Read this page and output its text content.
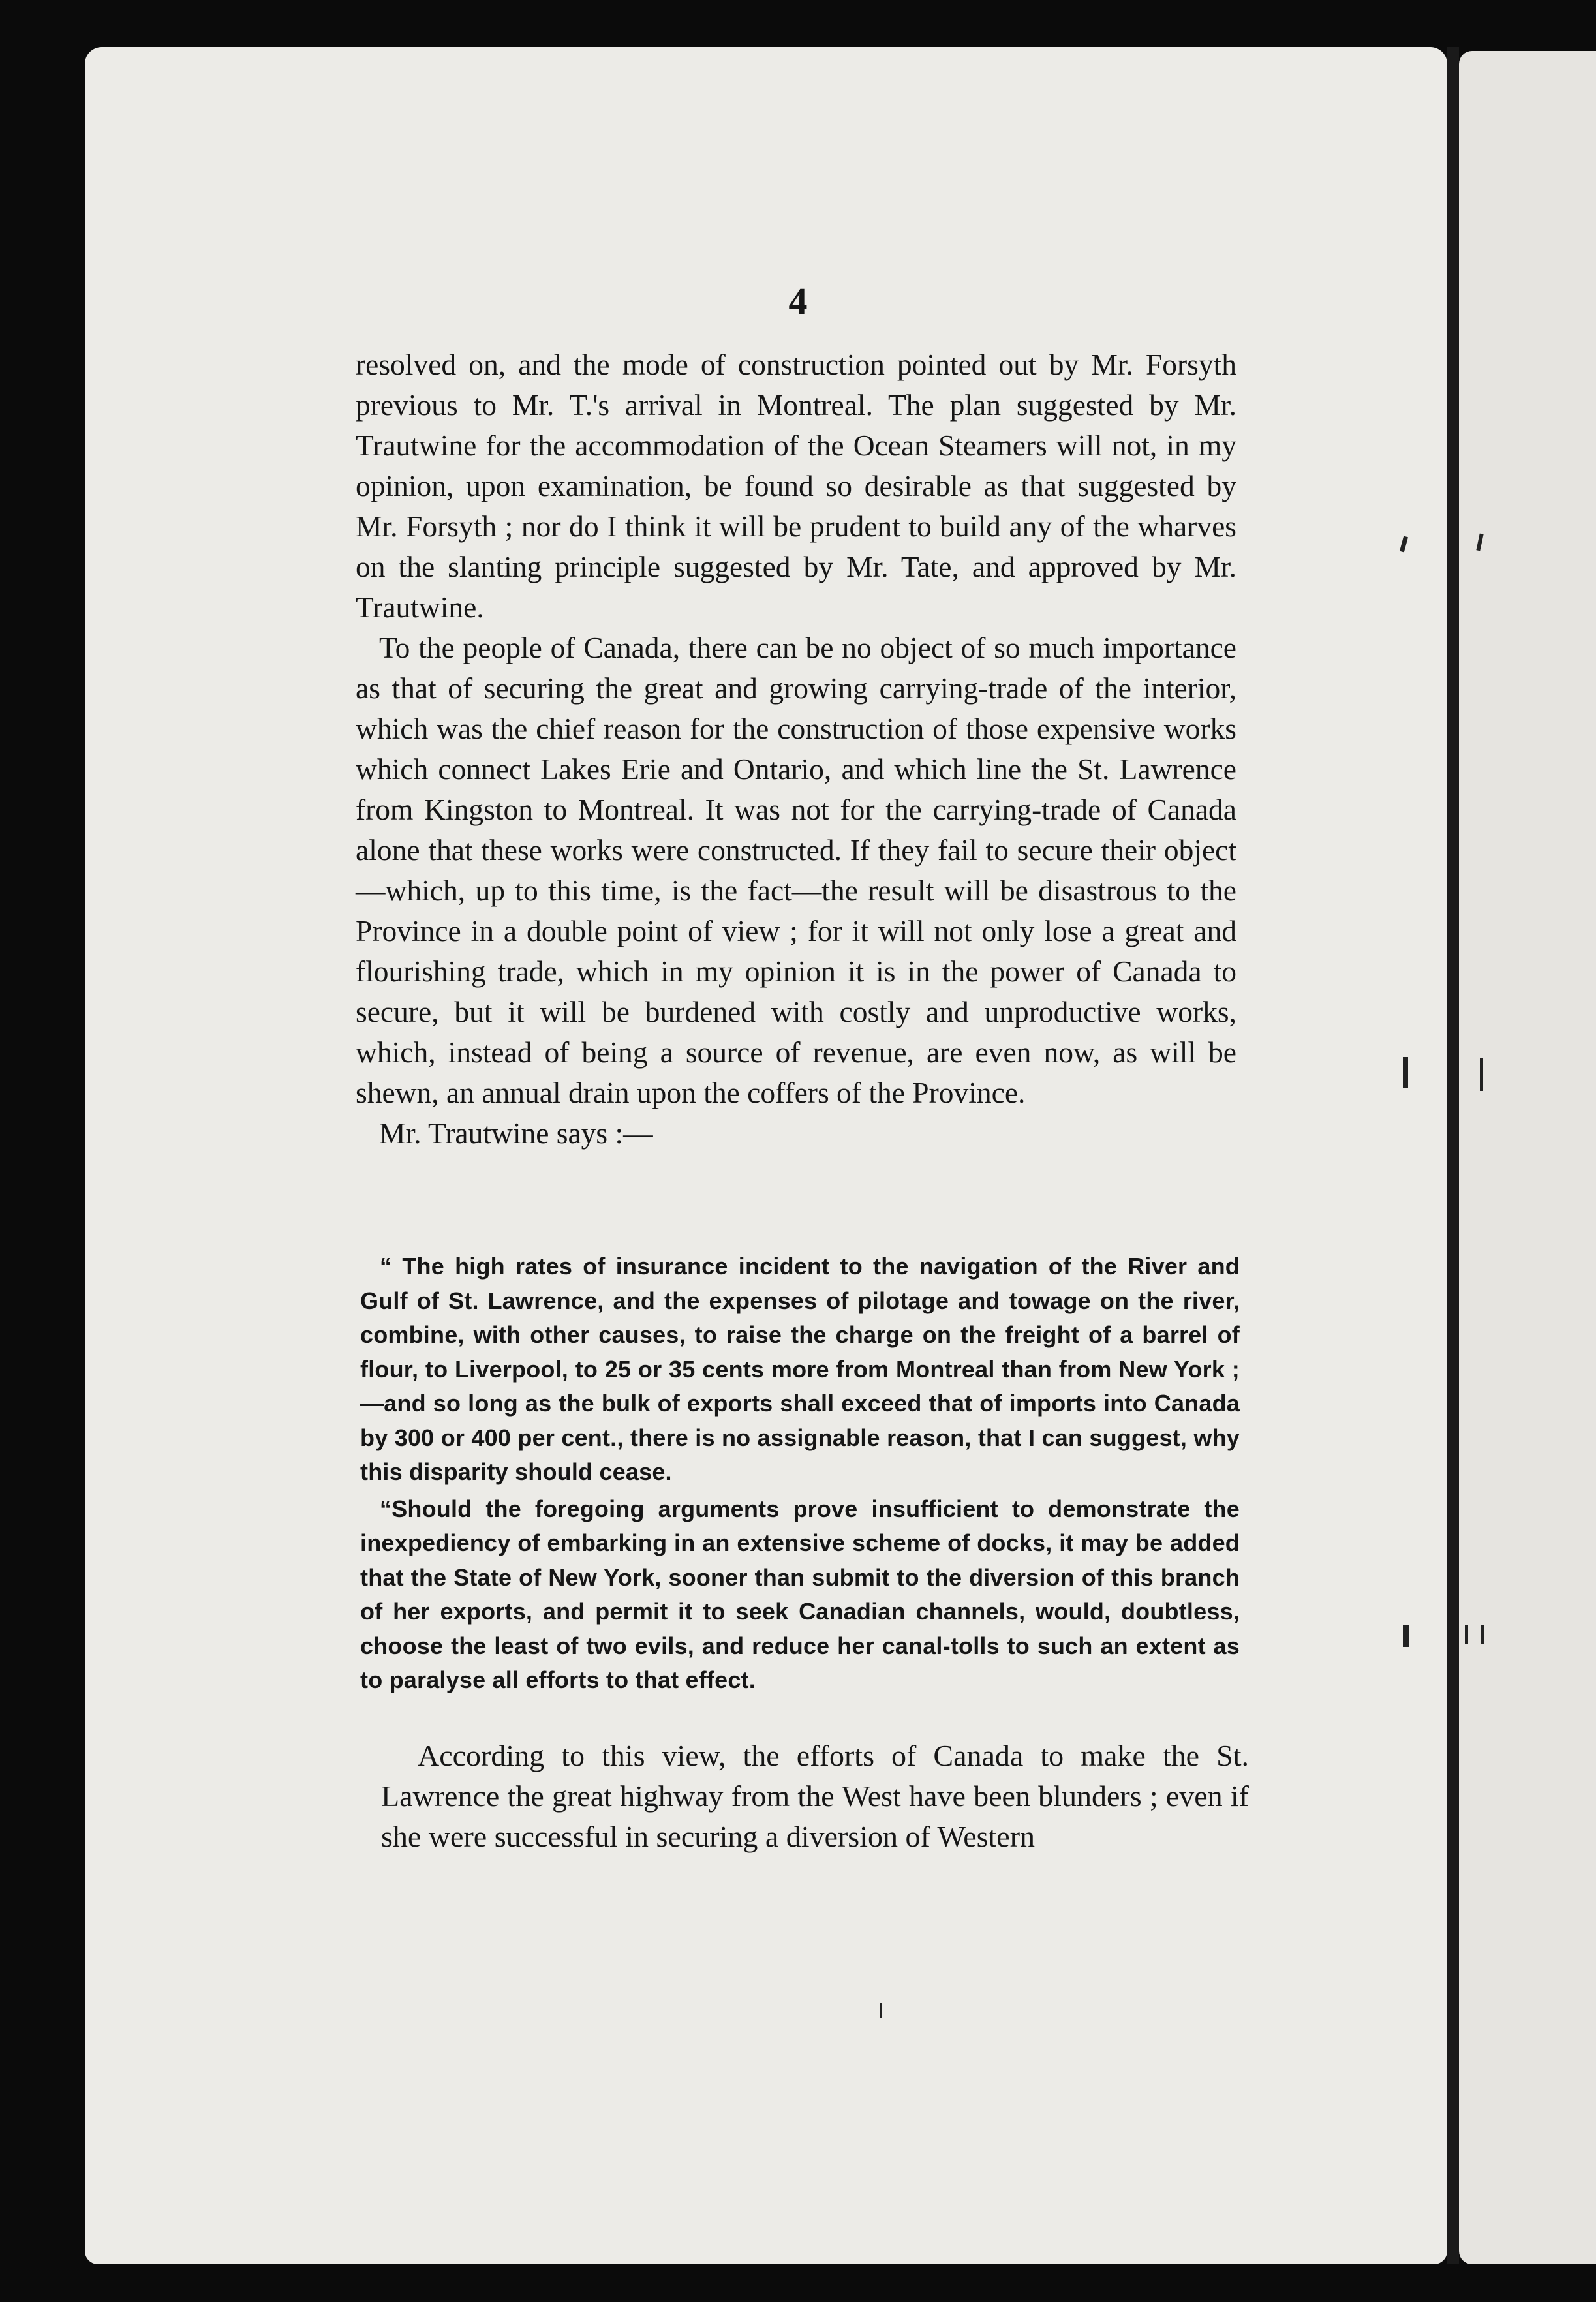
4

resolved on, and the mode of construction pointed out by Mr. Forsyth previous to Mr. T.'s arrival in Montreal. The plan suggested by Mr. Trautwine for the accommodation of the Ocean Steamers will not, in my opinion, upon examination, be found so desirable as that suggested by Mr. Forsyth ; nor do I think it will be prudent to build any of the wharves on the slanting principle suggested by Mr. Tate, and approved by Mr. Trautwine.

To the people of Canada, there can be no object of so much importance as that of securing the great and growing carrying-trade of the interior, which was the chief reason for the construction of those expensive works which connect Lakes Erie and Ontario, and which line the St. Lawrence from Kingston to Montreal. It was not for the carrying-trade of Canada alone that these works were constructed. If they fail to secure their object—which, up to this time, is the fact—the result will be disastrous to the Province in a double point of view ; for it will not only lose a great and flourishing trade, which in my opinion it is in the power of Canada to secure, but it will be burdened with costly and unproductive works, which, instead of being a source of revenue, are even now, as will be shewn, an annual drain upon the coffers of the Province.

Mr. Trautwine says :—

“ The high rates of insurance incident to the navigation of the River and Gulf of St. Lawrence, and the expenses of pilotage and towage on the river, combine, with other causes, to raise the charge on the freight of a barrel of flour, to Liverpool, to 25 or 35 cents more from Montreal than from New York ;—and so long as the bulk of exports shall exceed that of imports into Canada by 300 or 400 per cent., there is no assignable reason, that I can suggest, why this disparity should cease.

“Should the foregoing arguments prove insufficient to demonstrate the inexpediency of embarking in an extensive scheme of docks, it may be added that the State of New York, sooner than submit to the diversion of this branch of her exports, and permit it to seek Canadian channels, would, doubtless, choose the least of two evils, and reduce her canal-tolls to such an extent as to paralyse all efforts to that effect.

According to this view, the efforts of Canada to make the St. Lawrence the great highway from the West have been blunders ; even if she were successful in securing a diversion of Western
